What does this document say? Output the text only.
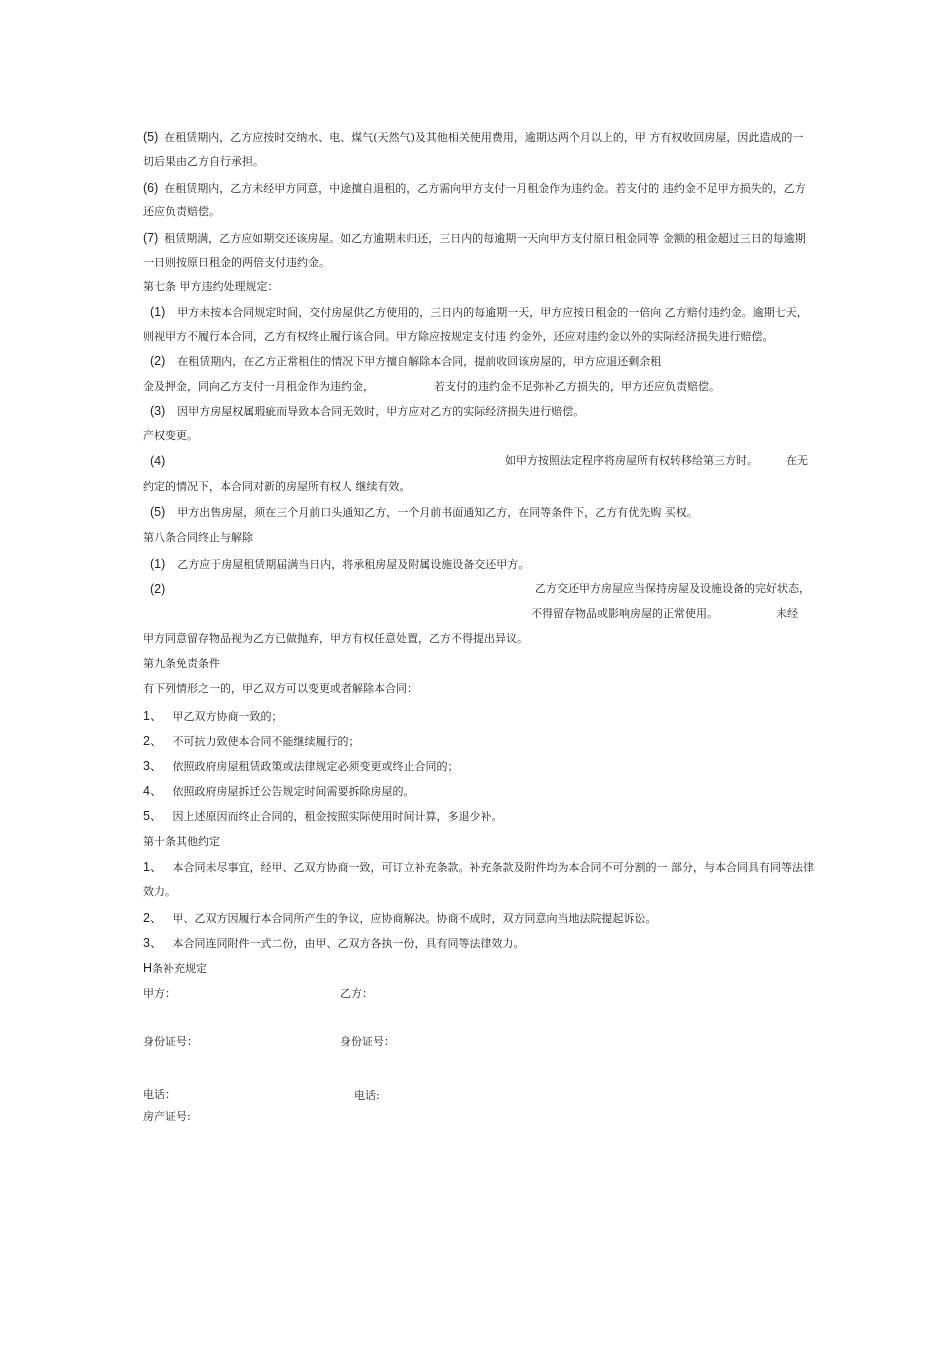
(5) 在租赁期内，乙方应按时交纳水、电、煤气(天然气)及其他相关使用费用，逾期达两个月以上的，甲 方有权收回房屋，因此造成的一
切后果由乙方自行承担。
(6) 在租赁期内，乙方未经甲方同意，中途擅自退租的，乙方需向甲方支付一月租金作为违约金。若支付的 违约金不足甲方损失的，乙方
还应负责赔偿。
(7) 租赁期满，乙方应如期交还该房屋。如乙方逾期未归还，三日内的每逾期一天向甲方支付原日租金同等 金额的租金超过三日的每逾期
一日则按原日租金的两倍支付违约金。
第七条 甲方违约处理规定：
(1) 甲方未按本合同规定时间，交付房屋供乙方使用的，三日内的每逾期一天，甲方应按日租金的一倍向 乙方赔付违约金。逾期七天，
则视甲方不履行本合同，乙方有权终止履行该合同。甲方除应按规定支付违 约金外，还应对违约金以外的实际经济损失进行赔偿。
(2) 在租赁期内，在乙方正常租住的情况下甲方擅自解除本合同，提前收回该房屋的，甲方应退还剩余租
金及押金，同向乙方支付一月租金作为违约金，	若支付的违约金不足弥补乙方损失的，甲方还应负责赔偿。
(3) 因甲方房屋权属瑕疵而导致本合同无效时，甲方应对乙方的实际经济损失进行赔偿。
产权变更。
(4)	如甲方按照法定程序将房屋所有权转移给第三方时。	在无
约定的情况下，本合同对新的房屋所有权人 继续有效。
(5) 甲方出售房屋，须在三个月前口头通知乙方，一个月前书面通知乙方，在同等条件下，乙方有优先购 买权。
第八条合同终止与解除
(1) 乙方应于房屋租赁期届满当日内，将承租房屋及附属设施设备交还甲方。
(2)	乙方交还甲方房屋应当保持房屋及设施设备的完好状态，
不得留存物品或影响房屋的正常使用。	未经
甲方同意留存物品视为乙方已做抛弃，甲方有权任意处置，乙方不得提出异议。
第九条免责条件
有下列情形之一的，甲乙双方可以变更或者解除本合同：
1、 甲乙双方协商一致的；
2、 不可抗力致使本合同不能继续履行的；
3、 依照政府房屋租赁政策或法律规定必须变更或终止合同的；
4、 依照政府房屋拆迁公告规定时间需要拆除房屋的。
5、 因上述原因而终止合同的，租金按照实际使用时间计算，多退少补。
第十条其他约定
1、 本合同未尽事宜，经甲、乙双方协商一致，可订立补充条款。补充条款及附件均为本合同不可分割的一 部分，与本合同具有同等法律
效力。
2、 甲、乙双方因履行本合同所产生的争议，应协商解决。协商不成时，双方同意向当地法院提起诉讼。
3、 本合同连同附件一式二份，由甲、乙双方各执一份，具有同等法律效力。
H条补充规定
甲方：	乙方：
身份证号：	身份证号：
电话：	电话:
房产证号:
